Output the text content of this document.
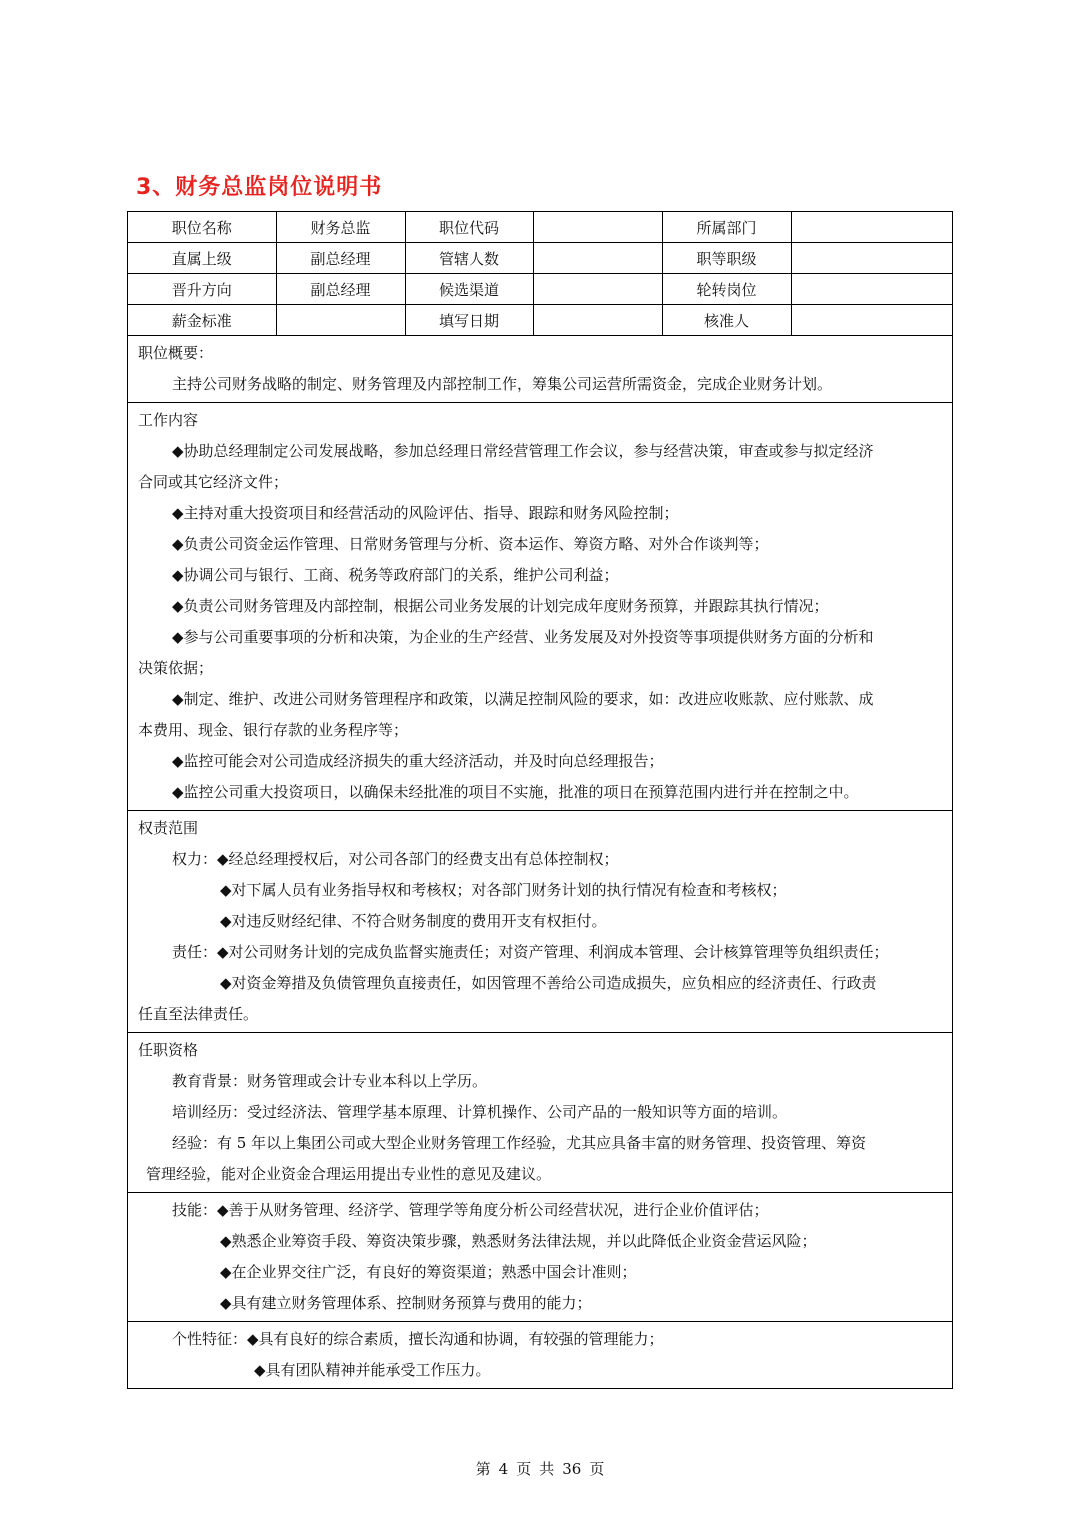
3、财务总监岗位说明书
职位名称	财务总监	职位代码		所属部门	
直属上级	副总经理	管辖人数		职等职级	
晋升方向	副总经理	候选渠道		轮转岗位	
薪金标准		填写日期		核准人	
职位概要：
主持公司财务战略的制定、财务管理及内部控制工作，筹集公司运营所需资金，完成企业财务计划。
工作内容
◆协助总经理制定公司发展战略，参加总经理日常经营管理工作会议，参与经营决策，审查或参与拟定经济
合同或其它经济文件；
◆主持对重大投资项目和经营活动的风险评估、指导、跟踪和财务风险控制；
◆负责公司资金运作管理、日常财务管理与分析、资本运作、筹资方略、对外合作谈判等；
◆协调公司与银行、工商、税务等政府部门的关系，维护公司利益；
◆负责公司财务管理及内部控制，根据公司业务发展的计划完成年度财务预算，并跟踪其执行情况；
◆参与公司重要事项的分析和决策，为企业的生产经营、业务发展及对外投资等事项提供财务方面的分析和
决策依据；
◆制定、维护、改进公司财务管理程序和政策，以满足控制风险的要求，如：改进应收账款、应付账款、成
本费用、现金、银行存款的业务程序等；
◆监控可能会对公司造成经济损失的重大经济活动，并及时向总经理报告；
◆监控公司重大投资项日，以确保未经批准的项目不实施，批准的项日在预算范围内进行并在控制之中。
权责范围
权力：◆经总经理授权后，对公司各部门的经费支出有总体控制权；
◆对下属人员有业务指导权和考核权；对各部门财务计划的执行情况有检查和考核权；
◆对违反财经纪律、不符合财务制度的费用开支有权拒付。
责任：◆对公司财务计划的完成负监督实施责任；对资产管理、利润成本管理、会计核算管理等负组织责任；
◆对资金筹措及负债管理负直接责任，如因管理不善给公司造成损失，应负相应的经济责任、行政责
任直至法律责任。
任职资格
教育背景：财务管理或会计专业本科以上学历。
培训经历：受过经济法、管理学基本原理、计算机操作、公司产品的一般知识等方面的培训。
经验：有 5 年以上集团公司或大型企业财务管理工作经验，尤其应具备丰富的财务管理、投资管理、筹资
管理经验，能对企业资金合理运用提出专业性的意见及建议。
技能：◆善于从财务管理、经济学、管理学等角度分析公司经营状况，进行企业价值评估；
◆熟悉企业筹资手段、筹资决策步骤，熟悉财务法律法规，并以此降低企业资金营运风险；
◆在企业界交往广泛，有良好的筹资渠道；熟悉中国会计准则；
◆具有建立财务管理体系、控制财务预算与费用的能力；
个性特征：◆具有良好的综合素质，擅长沟通和协调，有较强的管理能力；
◆具有团队精神并能承受工作压力。
第 4 页 共 36 页
